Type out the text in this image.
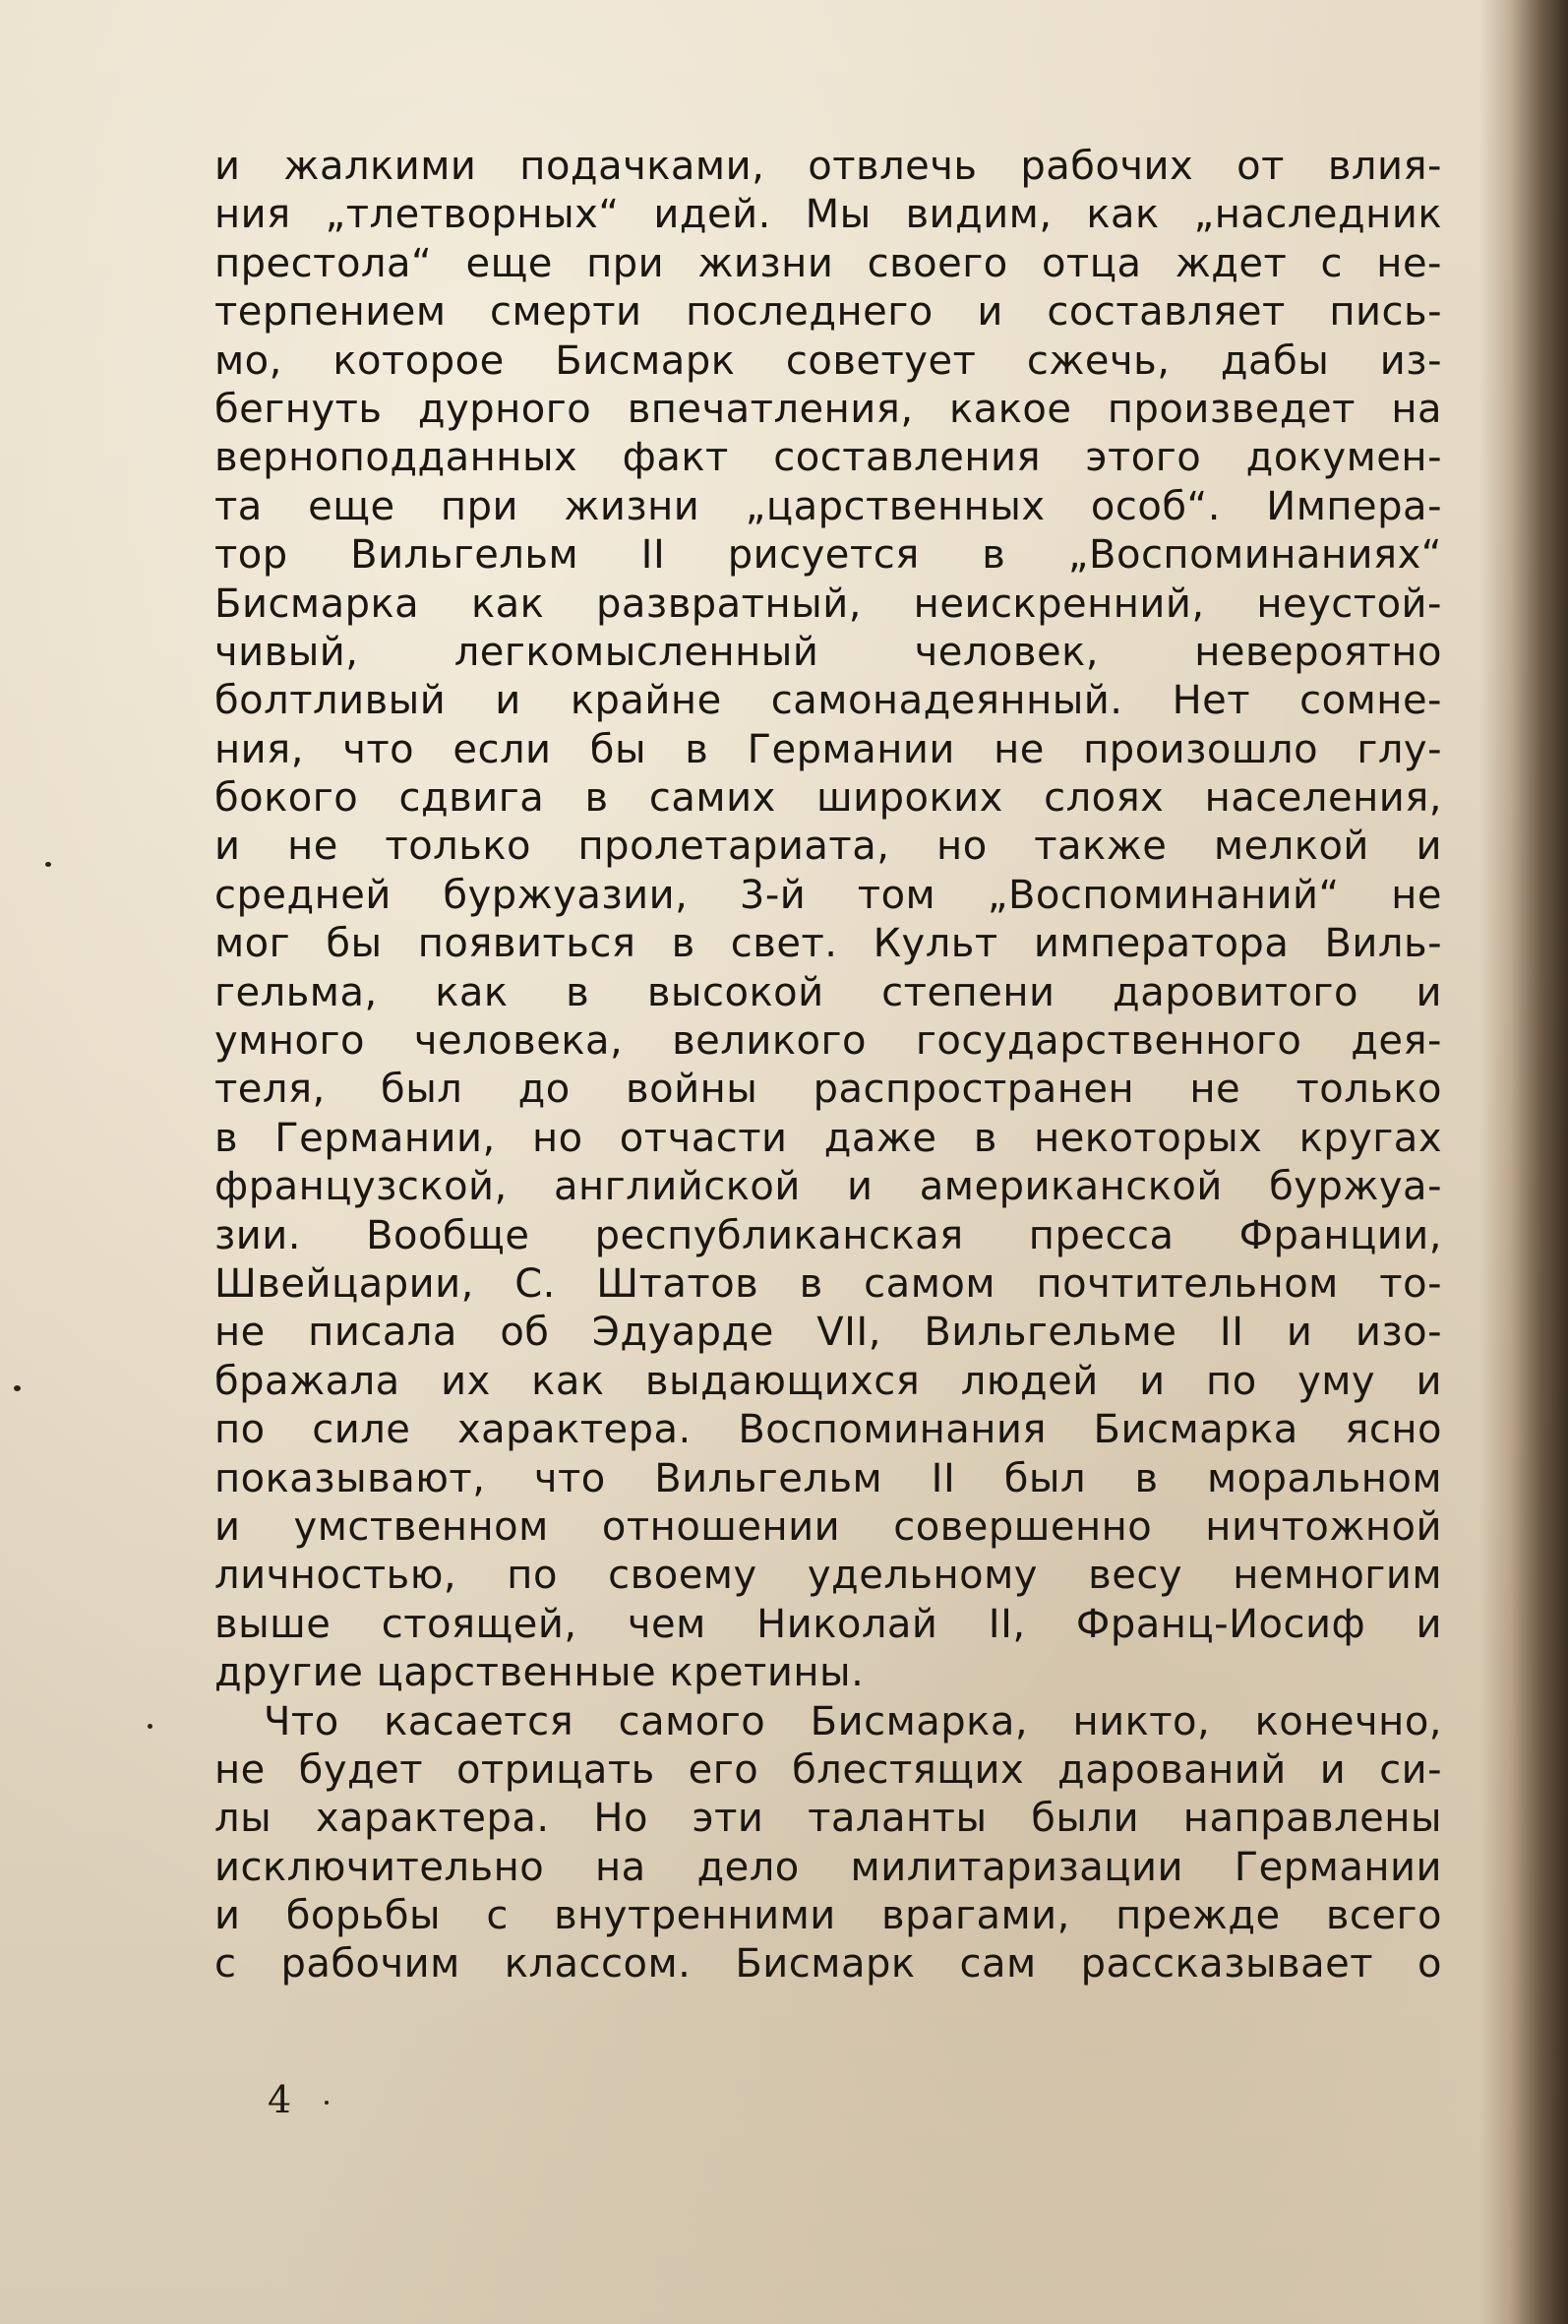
и жалкими подачками, отвлечь рабочих от влия-
ния „тлетворных“ идей. Мы видим, как „наследник
престола“ еще при жизни своего отца ждет с не-
терпением смерти последнего и составляет пись-
мо, которое Бисмарк советует сжечь, дабы из-
бегнуть дурного впечатления, какое произведет на
верноподданных факт составления этого докумен-
та еще при жизни „царственных особ“. Импера-
тор Вильгельм II рисуется в „Воспоминаниях“
Бисмарка как развратный, неискренний, неустой-
чивый, легкомысленный человек, невероятно
болтливый и крайне самонадеянный. Нет сомне-
ния, что если бы в Германии не произошло глу-
бокого сдвига в самих широких слоях населения,
и не только пролетариата, но также мелкой и
средней буржуазии, 3-й том „Воспоминаний“ не
мог бы появиться в свет. Культ императора Виль-
гельма, как в высокой степени даровитого и
умного человека, великого государственного дея-
теля, был до войны распространен не только
в Германии, но отчасти даже в некоторых кругах
французской, английской и американской буржуа-
зии. Вообще республиканская пресса Франции,
Швейцарии, С. Штатов в самом почтительном то-
не писала об Эдуарде VII, Вильгельме II и изо-
бражала их как выдающихся людей и по уму и
по силе характера. Воспоминания Бисмарка ясно
показывают, что Вильгельм II был в моральном
и умственном отношении совершенно ничтожной
личностью, по своему удельному весу немногим
выше стоящей, чем Николай II, Франц-Иосиф и
другие царственные кретины.
Что касается самого Бисмарка, никто, конечно,
не будет отрицать его блестящих дарований и си-
лы характера. Но эти таланты были направлены
исключительно на дело милитаризации Германии
и борьбы с внутренними врагами, прежде всего
с рабочим классом. Бисмарк сам рассказывает о
4
